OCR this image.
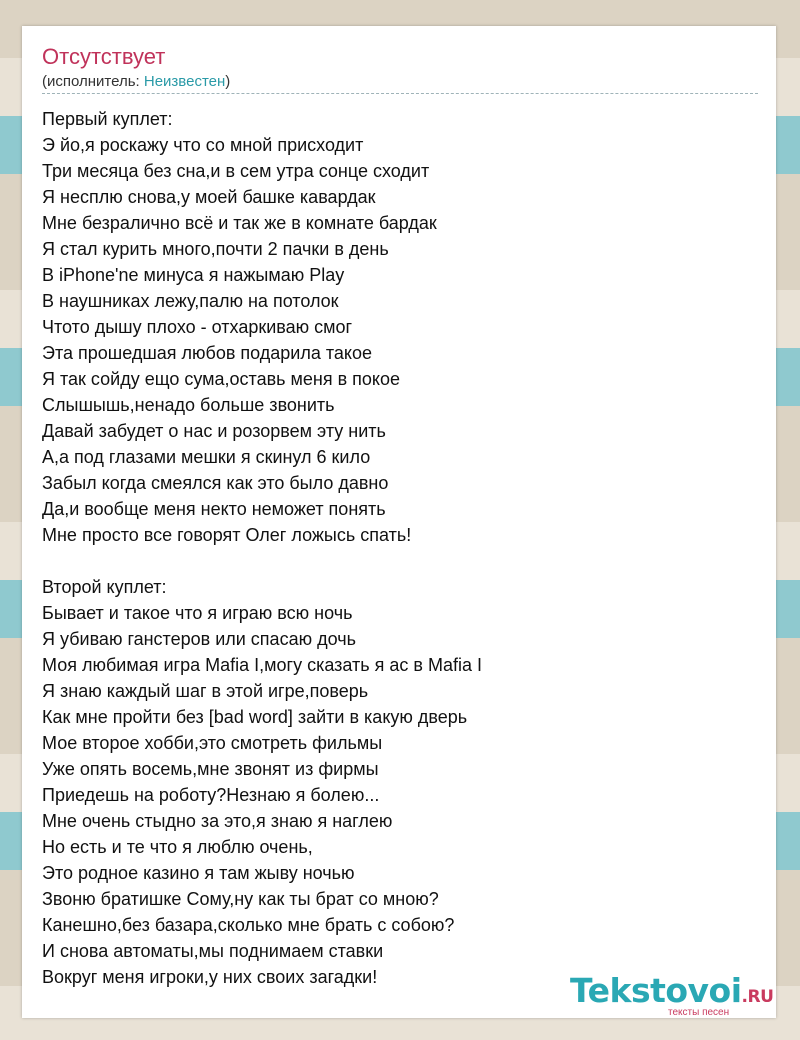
Отсутствует
(исполнитель: Неизвестен)
Первый куплет:
Э йо,я роскажу что со мной присходит
Три месяца без сна,и в сем утра сонце сходит
Я несплю снова,у моей башке кавардак
Мне безралично всё и так же в комнате бардак
Я стал курить много,почти 2 пачки в день
В iPhone'ne минуса я нажымаю Play
В наушниках лежу,палю на потолок
Чтото дышу плохо - отхаркиваю смог
Эта прошедшая любов подарила такое
Я так сойду ещо сума,оставь меня в покое
Слышышь,ненадо больше звонить
Давай забудет о нас и розорвем эту нить
А,а под глазами мешки я скинул 6 кило
Забыл когда смеялся как это было давно
Да,и вообще меня некто неможет понять
Мне просто все говорят Олег ложысь спать!
Второй куплет:
Бывает и такое что я играю всю ночь
Я убиваю ганстеров или спасаю дочь
Моя любимая игра Mafia I,могу сказать я ас в Mafia I
Я знаю каждый шаг в этой игре,поверь
Как мне пройти без [bad word] зайти в какую дверь
Мое второе хобби,это смотреть фильмы
Уже опять восемь,мне звонят из фирмы
Приедешь на роботу?Незнаю я болею...
Мне очень стыдно за это,я знаю я наглею
Но есть и те что я люблю очень,
Это родное казино я там жыву ночью
Звоню братишке Сому,ну как ты брат со мною?
Канешно,без базара,сколько мне брать с собою?
И снова автоматы,мы поднимаем ставки
Вокруг меня игроки,у них своих загадки!	Tekstovoi.RU
тексты песен
